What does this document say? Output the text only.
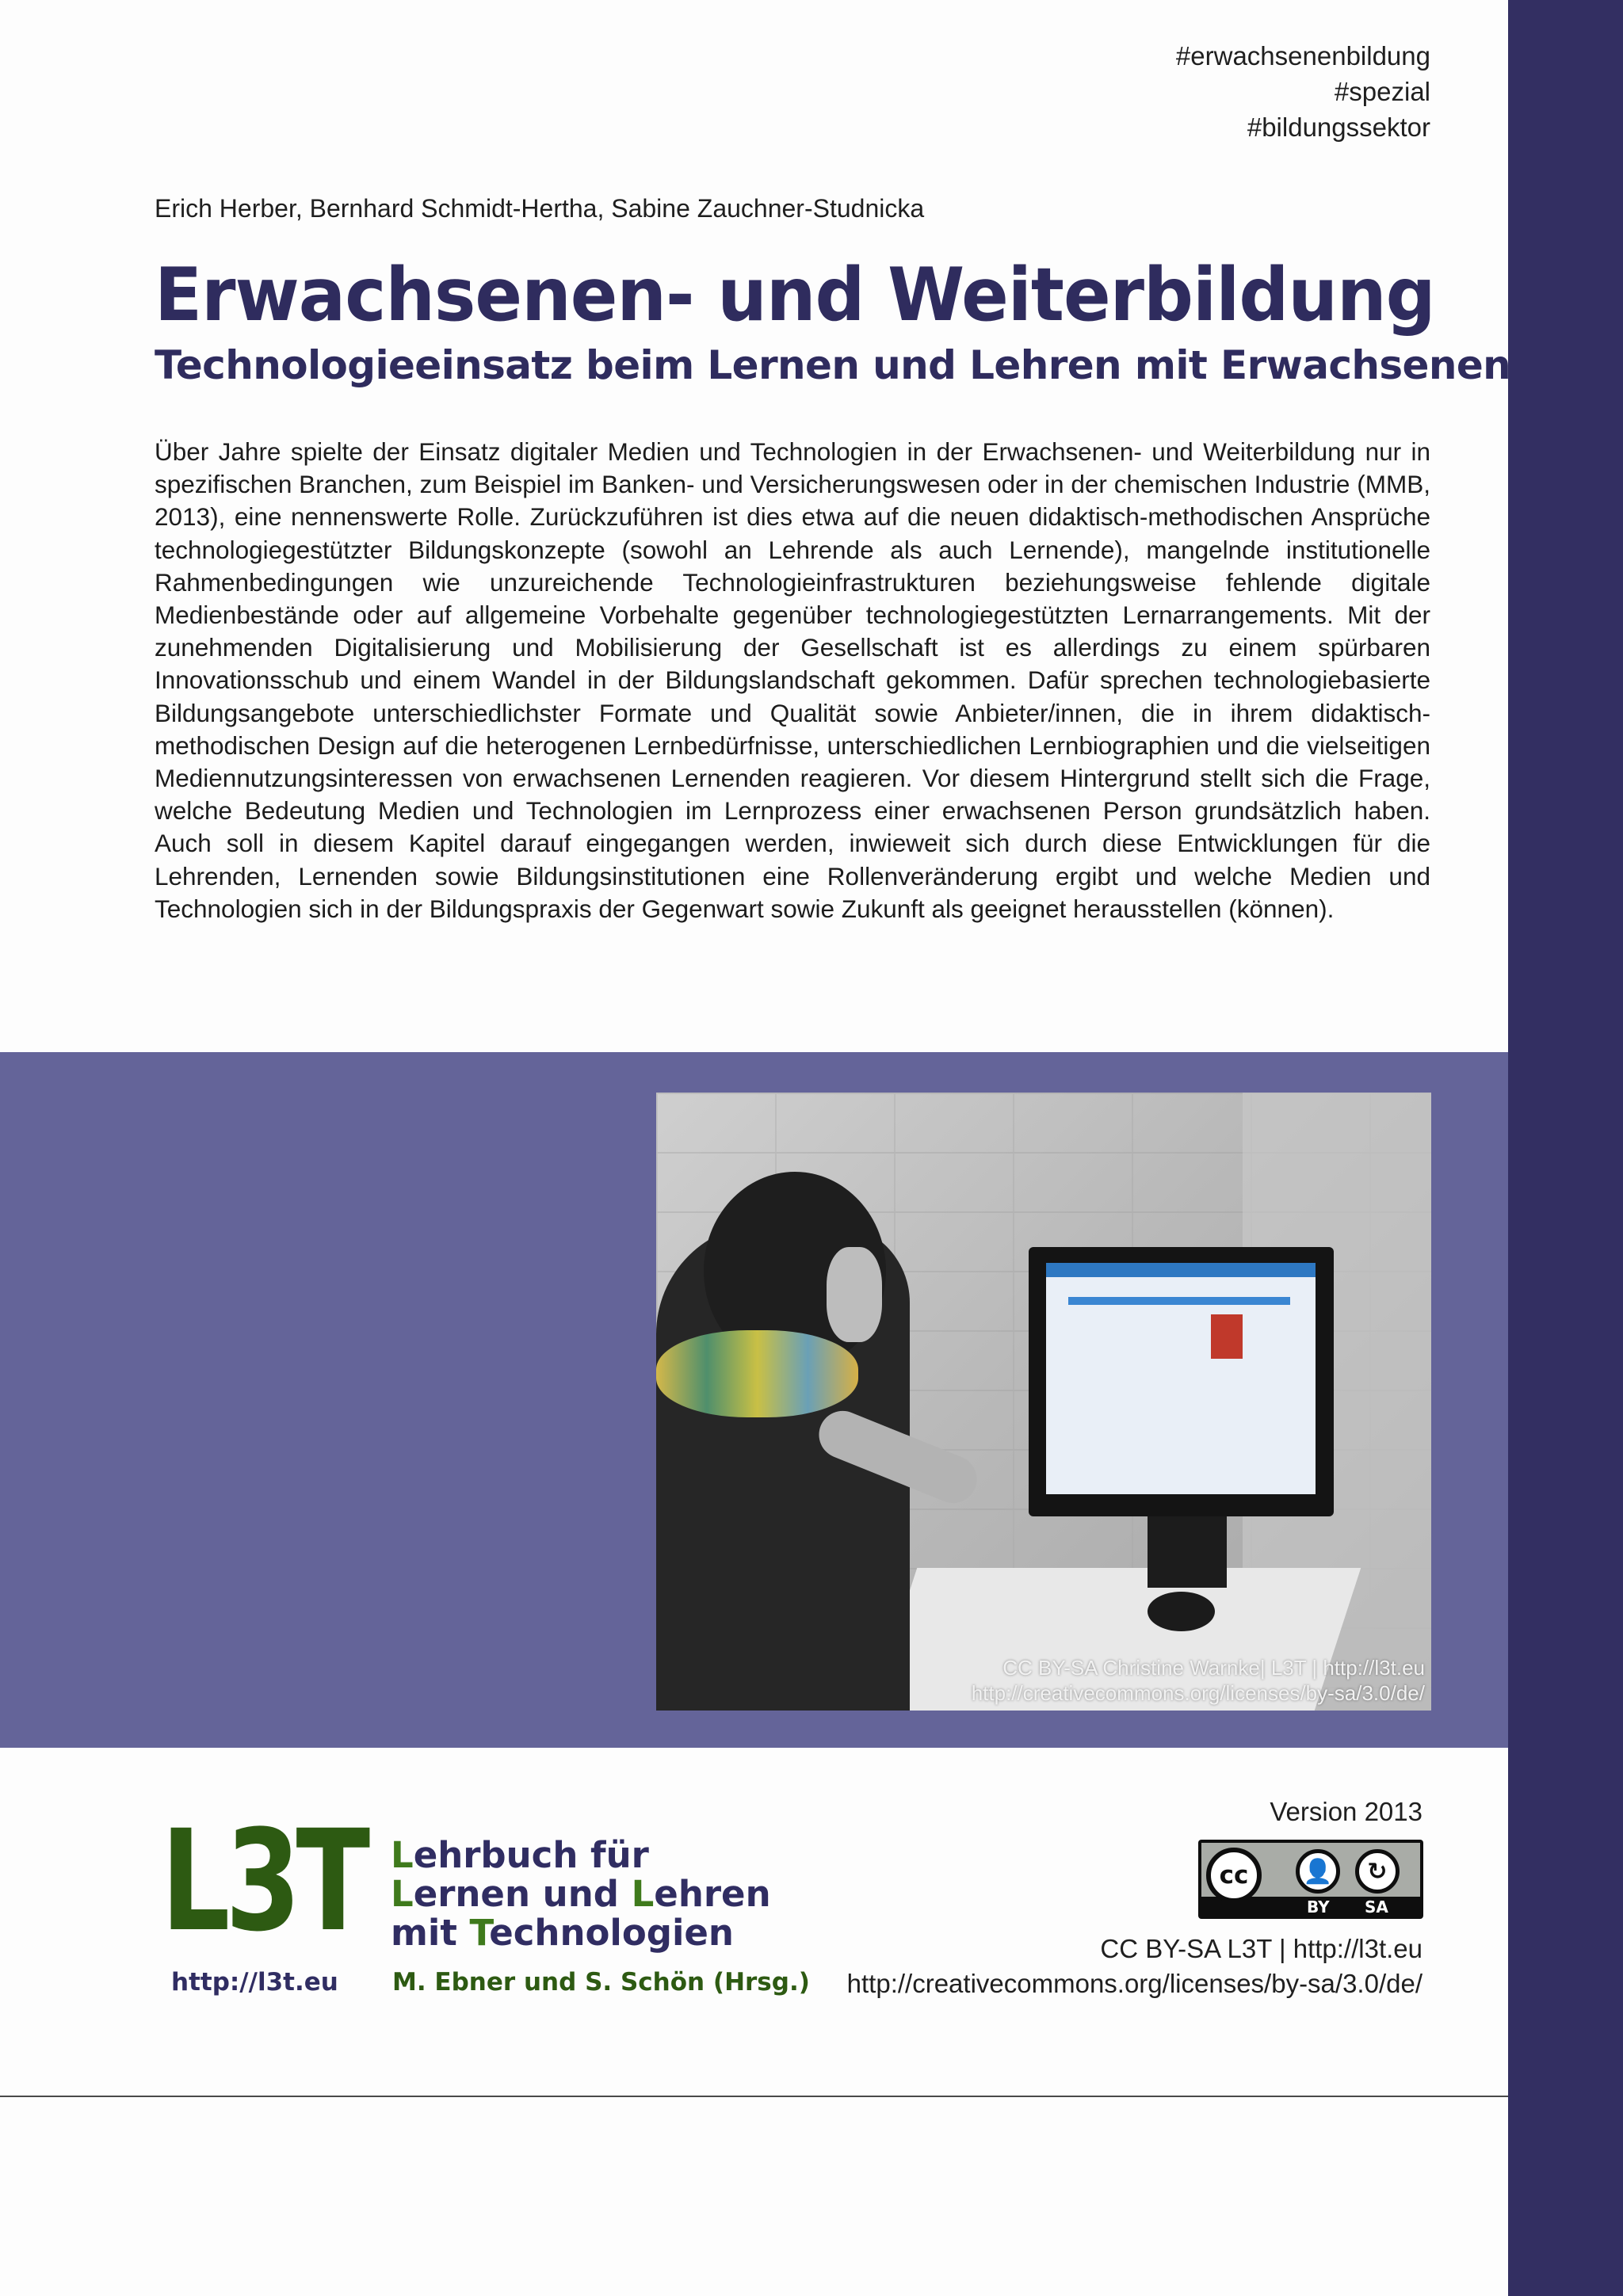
#erwachsenenbildung
#spezial
#bildungssektor
Erich Herber, Bernhard Schmidt-Hertha, Sabine Zauchner-Studnicka
Erwachsenen- und Weiterbildung
Technologieeinsatz beim Lernen und Lehren mit Erwachsenen
Über Jahre spielte der Einsatz digitaler Medien und Technologien in der Erwachsenen- und Weiterbildung nur in spezifischen Branchen, zum Beispiel im Banken- und Versicherungswesen oder in der chemischen Industrie (MMB, 2013), eine nennenswerte Rolle. Zurückzuführen ist dies etwa auf die neuen didaktisch-methodischen Ansprüche technologiegestützter Bildungskonzepte (sowohl an Lehrende als auch Lernende), mangelnde institutionelle Rahmenbedingungen wie unzureichende Technologieinfrastrukturen beziehungsweise fehlende digitale Medienbestände oder auf allgemeine Vorbehalte gegenüber technologiegestützten Lernarrangements. Mit der zunehmenden Digitalisierung und Mobilisierung der Gesellschaft ist es allerdings zu einem spürbaren Innovationsschub und einem Wandel in der Bildungslandschaft gekommen. Dafür sprechen technologiebasierte Bildungsangebote unterschiedlichster Formate und Qualität sowie Anbieter/innen, die in ihrem didaktisch-methodischen Design auf die heterogenen Lernbedürfnisse, unterschiedlichen Lernbiographien und die vielseitigen Mediennutzungsinteressen von erwachsenen Lernenden reagieren. Vor diesem Hintergrund stellt sich die Frage, welche Bedeutung Medien und Technologien im Lernprozess einer erwachsenen Person grundsätzlich haben. Auch soll in diesem Kapitel darauf eingegangen werden, inwieweit sich durch diese Entwicklungen für die Lehrenden, Lernenden sowie Bildungsinstitutionen eine Rollenveränderung ergibt und welche Medien und Technologien sich in der Bildungspraxis der Gegenwart sowie Zukunft als geeignet herausstellen (können).
CC BY-SA Christine Warnke| L3T | http://l3t.eu
http://creativecommons.org/licenses/by-sa/3.0/de/
L3T Lehrbuch für
Lernen und Lehren
mit Technologien
http://l3t.eu M. Ebner und S. Schön (Hrsg.)
Version 2013
cc	👤	↻
BY SA
CC BY-SA L3T | http://l3t.eu
http://creativecommons.org/licenses/by-sa/3.0/de/
